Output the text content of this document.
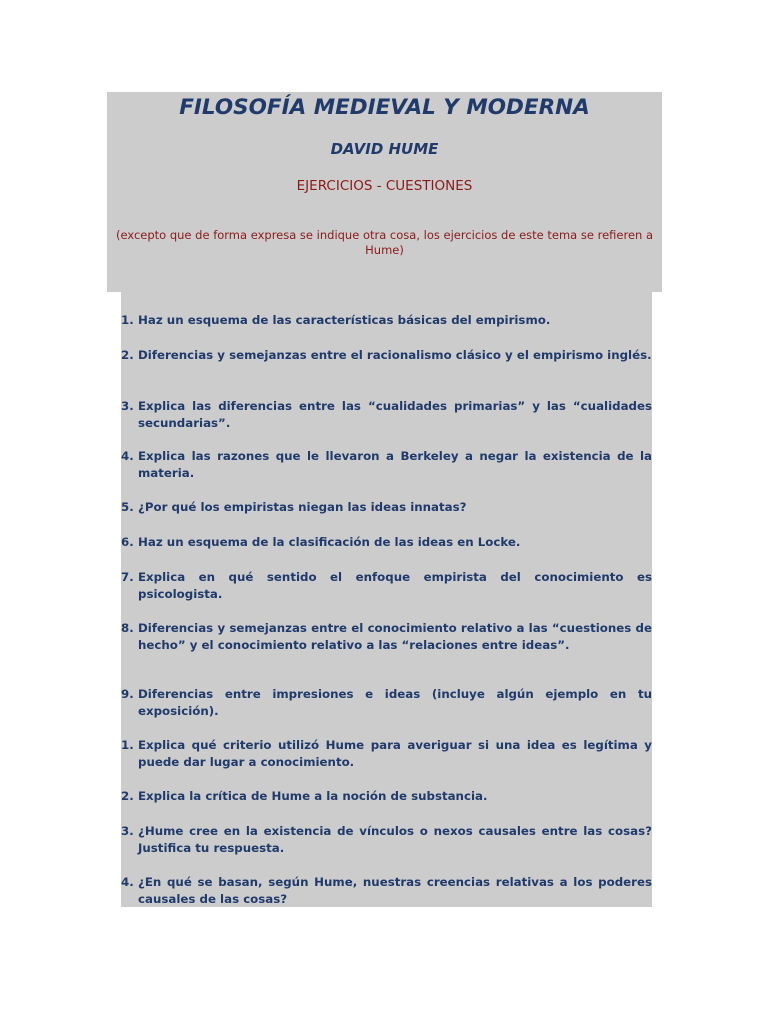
FILOSOFÍA MEDIEVAL Y MODERNA
DAVID HUME
EJERCICIOS - CUESTIONES
(excepto que de forma expresa se indique otra cosa, los ejercicios de este tema se refieren a Hume)
1. Haz un esquema de las características básicas del empirismo.
2. Diferencias y semejanzas entre el racionalismo clásico y el empirismo inglés.
3. Explica las diferencias entre las “cualidades primarias” y las “cualidades secundarias”.
4. Explica las razones que le llevaron a Berkeley a negar la existencia de la materia.
5. ¿Por qué los empiristas niegan las ideas innatas?
6. Haz un esquema de la clasificación de las ideas en Locke.
7. Explica en qué sentido el enfoque empirista del conocimiento es psicologista.
8. Diferencias y semejanzas entre el conocimiento relativo a las “cuestiones de hecho” y el conocimiento relativo a las “relaciones entre ideas”.
9. Diferencias entre impresiones e ideas (incluye algún ejemplo en tu exposición).
1. Explica qué criterio utilizó Hume para averiguar si una idea es legítima y puede dar lugar a conocimiento.
2. Explica la crítica de Hume a la noción de substancia.
3. ¿Hume cree en la existencia de vínculos o nexos causales entre las cosas? Justifica tu respuesta.
4. ¿En qué se basan, según Hume, nuestras creencias relativas a los poderes causales de las cosas?
